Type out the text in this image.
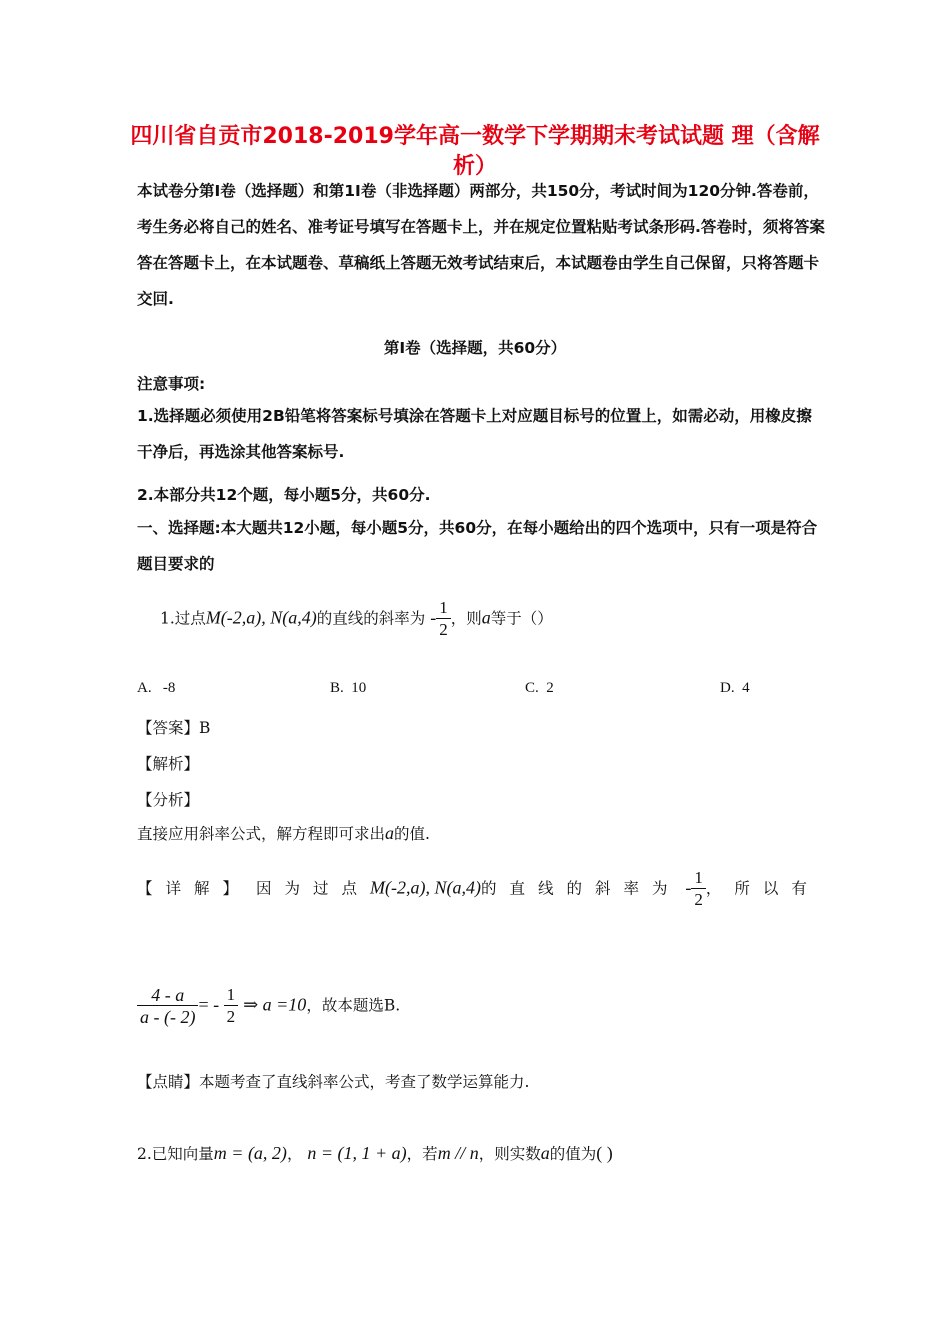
四川省自贡市2018-2019学年高一数学下学期期末考试试题 理（含解析）
本试卷分第Ⅰ卷（选择题）和第1I卷（非选择题）两部分，共150分，考试时间为120分钟.答卷前，考生务必将自己的姓名、准考证号填写在答题卡上，并在规定位置粘贴考试条形码.答卷时，须将答案答在答题卡上，在本试题卷、草稿纸上答题无效考试结束后，本试题卷由学生自己保留，只将答题卡交回.
第Ⅰ卷（选择题，共60分）
注意事项:
1.选择题必须使用2B铅笔将答案标号填涂在答题卡上对应题目标号的位置上，如需必动，用橡皮擦干净后，再选涂其他答案标号.
2.本部分共12个题，每小题5分，共60分.
一、选择题:本大题共12小题，每小题5分，共60分，在每小题给出的四个选项中，只有一项是符合题目要求的
1.过点M(-2,a), N(a,4)的直线的斜率为 - $\frac{1}{2}$ ，则a等于（）
A. -8	B. 10	C. 2	D. 4
【答案】B
【解析】
【分析】
直接应用斜率公式，解方程即可求出a的值.
【详解】 因为过点M(-2,a), N(a,4)的直线的斜率为 - $\frac{1}{2}$ ，所以有
$\frac{4 - a}{a - (- 2)}$ = - $\frac{1}{2}$ ⇒ a =10，故本题选B.
【点睛】本题考查了直线斜率公式，考查了数学运算能力.
2.已知向量m = (a, 2)， n = (1, 1 + a)，若m // n，则实数a的值为( )
